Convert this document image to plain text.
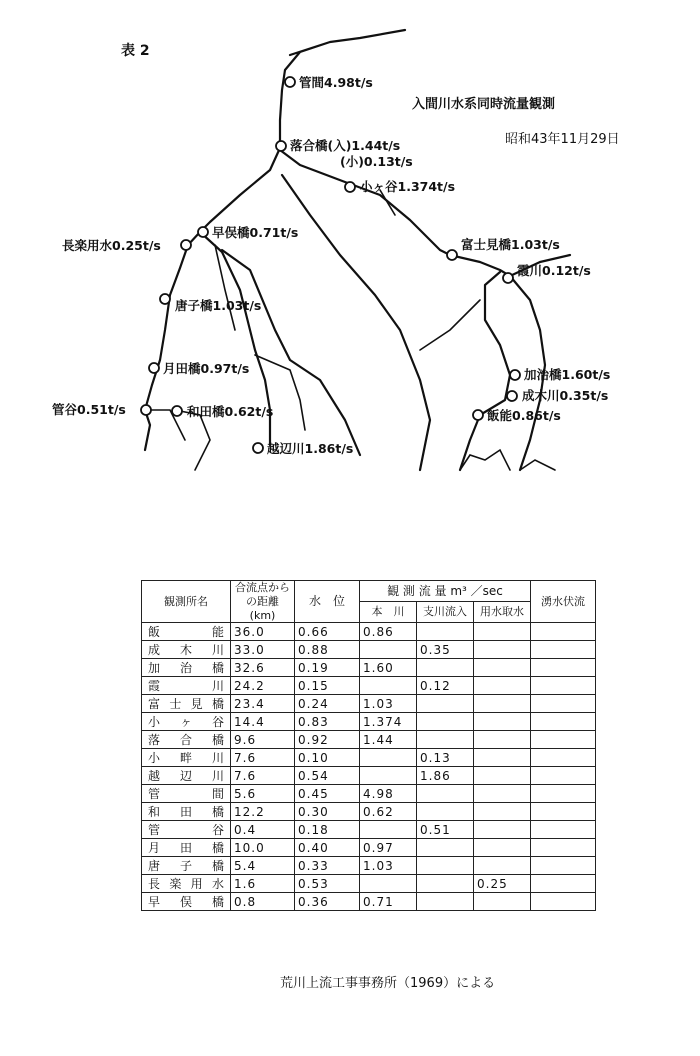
表 2
入間川水系同時流量観測
昭和43年11月29日
管間4.98t/s
落合橋(入)1.44t/s
(小)0.13t/s
小ヶ谷1.374t/s
早俣橋0.71t/s
長楽用水0.25t/s	富士見橋1.03t/s
霞川0.12t/s
唐子橋1.03t/s
月田橋0.97t/s	加治橋1.60t/s
成木川0.35t/s
管谷0.51t/s	和田橋0.62t/s	飯能0.86t/s
越辺川1.86t/s
観測所名	合流点から
の距離(km)	水　位	観 測 流 量 m³ ／sec			湧水伏流
			本　川	支川流入	用水取水	
飯能	36.0	0.66	0.86			
成木川	33.0	0.88		0.35		
加治橋	32.6	0.19	1.60			
霞川	24.2	0.15		0.12		
富士見橋	23.4	0.24	1.03			
小ヶ谷	14.4	0.83	1.374			
落合橋	9.6	0.92	1.44			
小畔川	7.6	0.10		0.13		
越辺川	7.6	0.54		1.86		
管間	5.6	0.45	4.98			
和田橋	12.2	0.30	0.62			
管谷	0.4	0.18		0.51		
月田橋	10.0	0.40	0.97			
唐子橋	5.4	0.33	1.03			
長楽用水	1.6	0.53			0.25	
早俣橋	0.8	0.36	0.71			
荒川上流工事事務所（1969）による
